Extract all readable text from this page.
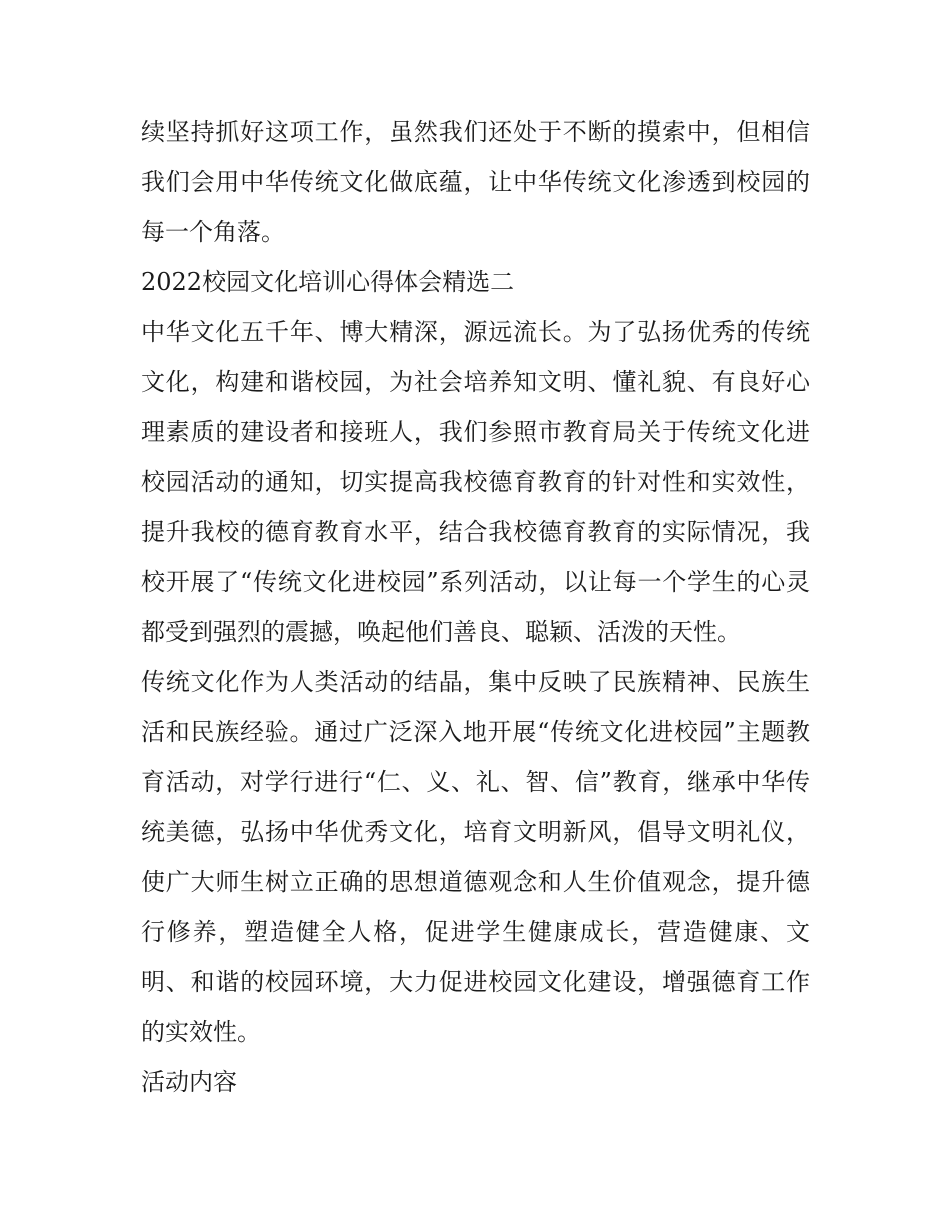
续坚持抓好这项工作，虽然我们还处于不断的摸索中，但相信
我们会用中华传统文化做底蕴，让中华传统文化渗透到校园的
每一个角落。
2022校园文化培训心得体会精选二
中华文化五千年、博大精深，源远流长。为了弘扬优秀的传统
文化，构建和谐校园，为社会培养知文明、懂礼貌、有良好心
理素质的建设者和接班人，我们参照市教育局关于传统文化进
校园活动的通知，切实提高我校德育教育的针对性和实效性，
提升我校的德育教育水平，结合我校德育教育的实际情况，我
校开展了“传统文化进校园”系列活动，以让每一个学生的心灵
都受到强烈的震撼，唤起他们善良、聪颖、活泼的天性。
传统文化作为人类活动的结晶，集中反映了民族精神、民族生
活和民族经验。通过广泛深入地开展“传统文化进校园”主题教
育活动，对学行进行“仁、义、礼、智、信”教育，继承中华传
统美德，弘扬中华优秀文化，培育文明新风，倡导文明礼仪，
使广大师生树立正确的思想道德观念和人生价值观念，提升德
行修养，塑造健全人格，促进学生健康成长，营造健康、文
明、和谐的校园环境，大力促进校园文化建设，增强德育工作
的实效性。
活动内容
